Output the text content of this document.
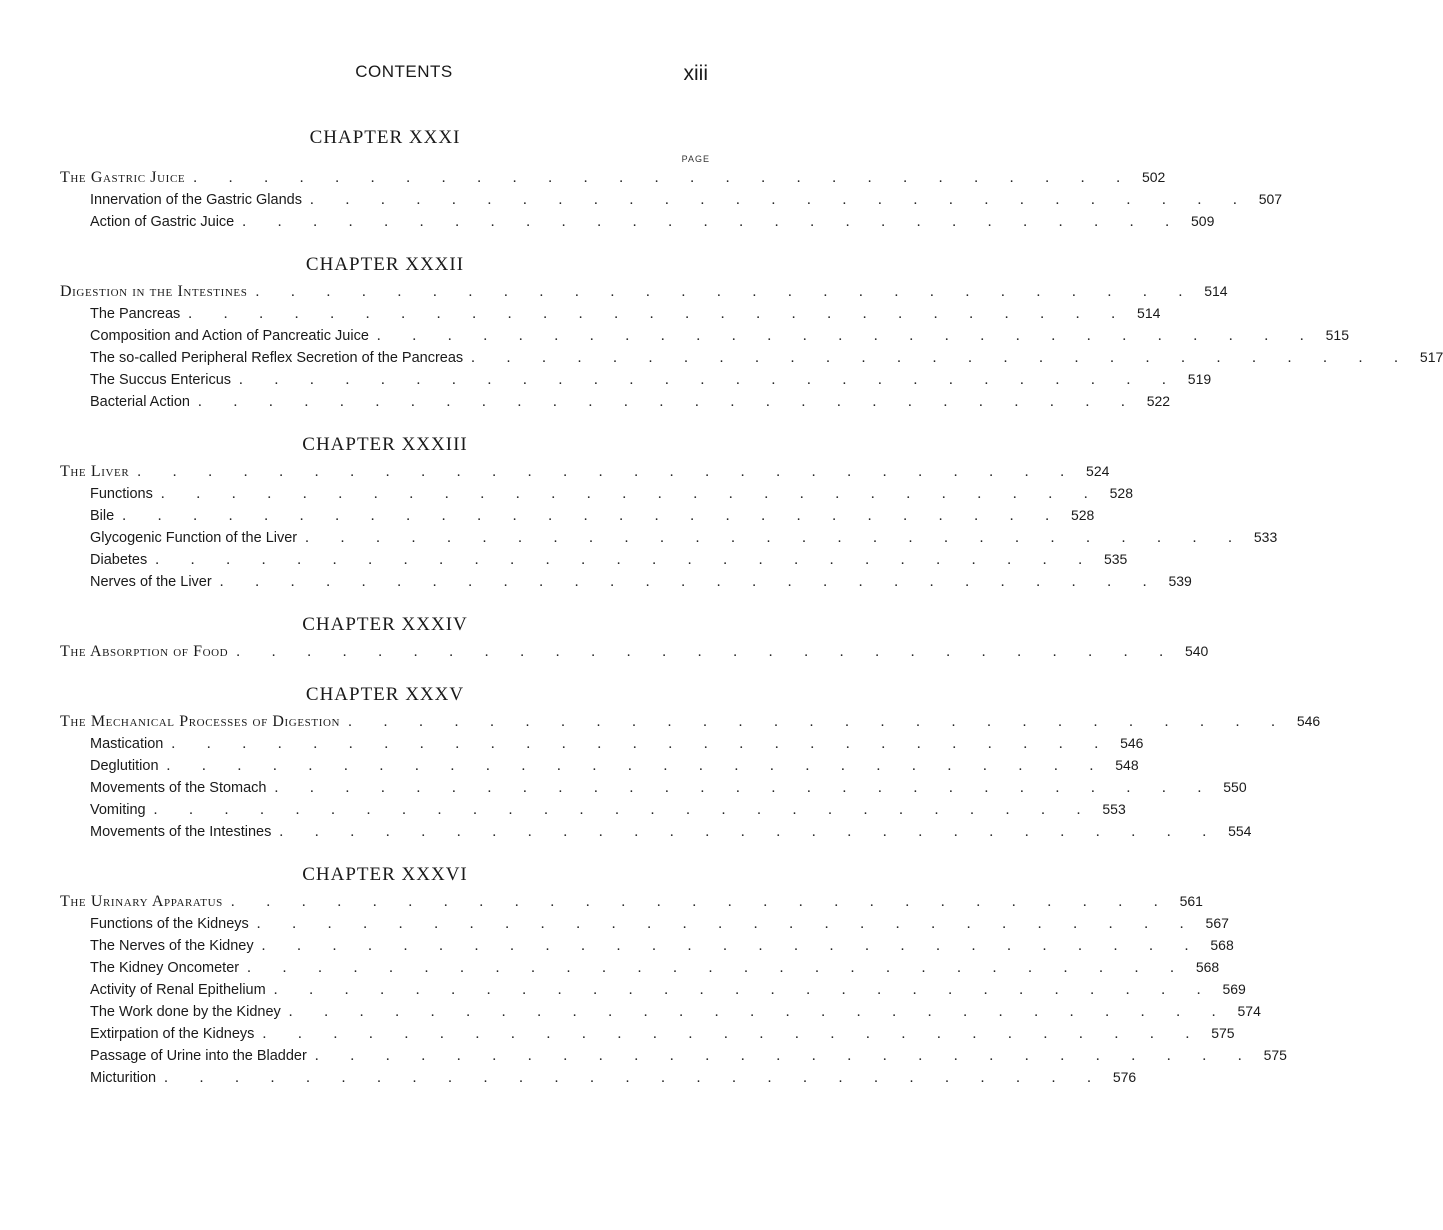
CONTENTS	xiii
CHAPTER XXXI
PAGE
The Gastric Juice . . . . . . . . . . . . . . . . . . . . . . . . . . . 502
Innervation of the Gastric Glands . . . . . . . . . . . . . . . . . . . . . . . . . . . 507
Action of Gastric Juice . . . . . . . . . . . . . . . . . . . . . . . . . . . 509
CHAPTER XXXII
Digestion in the Intestines . . . . . . . . . . . . . . . . . . . . . . . . . . . 514
The Pancreas . . . . . . . . . . . . . . . . . . . . . . . . . . . 514
Composition and Action of Pancreatic Juice . . . . . . . . . . . . . . . . . . . . . . . . . . . 515
The so-called Peripheral Reflex Secretion of the Pancreas . . . . . . . . . . . . . . . . . . . . . . . . . . . 517
The Succus Entericus . . . . . . . . . . . . . . . . . . . . . . . . . . . 519
Bacterial Action . . . . . . . . . . . . . . . . . . . . . . . . . . . 522
CHAPTER XXXIII
The Liver . . . . . . . . . . . . . . . . . . . . . . . . . . . 524
Functions . . . . . . . . . . . . . . . . . . . . . . . . . . . 528
Bile . . . . . . . . . . . . . . . . . . . . . . . . . . . 528
Glycogenic Function of the Liver . . . . . . . . . . . . . . . . . . . . . . . . . . . 533
Diabetes . . . . . . . . . . . . . . . . . . . . . . . . . . . 535
Nerves of the Liver . . . . . . . . . . . . . . . . . . . . . . . . . . . 539
CHAPTER XXXIV
The Absorption of Food . . . . . . . . . . . . . . . . . . . . . . . . . . . 540
CHAPTER XXXV
The Mechanical Processes of Digestion . . . . . . . . . . . . . . . . . . . . . . . . . . . 546
Mastication . . . . . . . . . . . . . . . . . . . . . . . . . . . 546
Deglutition . . . . . . . . . . . . . . . . . . . . . . . . . . . 548
Movements of the Stomach . . . . . . . . . . . . . . . . . . . . . . . . . . . 550
Vomiting . . . . . . . . . . . . . . . . . . . . . . . . . . . 553
Movements of the Intestines . . . . . . . . . . . . . . . . . . . . . . . . . . . 554
CHAPTER XXXVI
The Urinary Apparatus . . . . . . . . . . . . . . . . . . . . . . . . . . . 561
Functions of the Kidneys . . . . . . . . . . . . . . . . . . . . . . . . . . . 567
The Nerves of the Kidney . . . . . . . . . . . . . . . . . . . . . . . . . . . 568
The Kidney Oncometer . . . . . . . . . . . . . . . . . . . . . . . . . . . 568
Activity of Renal Epithelium . . . . . . . . . . . . . . . . . . . . . . . . . . . 569
The Work done by the Kidney . . . . . . . . . . . . . . . . . . . . . . . . . . . 574
Extirpation of the Kidneys . . . . . . . . . . . . . . . . . . . . . . . . . . . 575
Passage of Urine into the Bladder . . . . . . . . . . . . . . . . . . . . . . . . . . . 575
Micturition . . . . . . . . . . . . . . . . . . . . . . . . . . . 576
